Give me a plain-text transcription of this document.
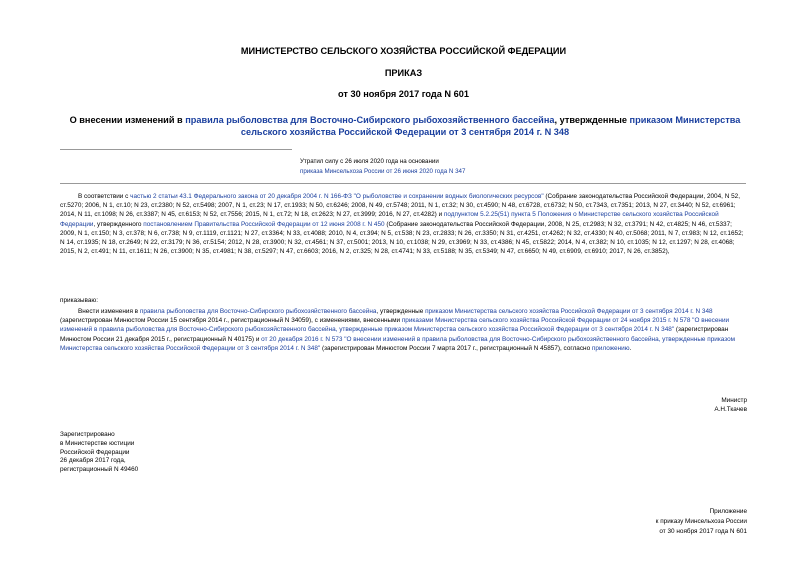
МИНИСТЕРСТВО СЕЛЬСКОГО ХОЗЯЙСТВА РОССИЙСКОЙ ФЕДЕРАЦИИ
ПРИКАЗ
от 30 ноября 2017 года N 601
О внесении изменений в правила рыболовства для Восточно-Сибирского рыбохозяйственного бассейна, утвержденные приказом Министерства сельского хозяйства Российской Федерации от 3 сентября 2014 г. N 348
Утратил силу с 26 июля 2020 года на основании
приказа Минсельхоза России от 26 июня 2020 года N 347
В соответствии с частью 2 статьи 43.1 Федерального закона от 20 декабря 2004 г. N 166-ФЗ "О рыболовстве и сохранении водных биологических ресурсов" (Собрание законодательства Российской Федерации, 2004, N 52, ст.5270; 2006, N 1, ст.10; N 23, ст.2380; N 52, ст.5498; 2007, N 1, ст.23; N 17, ст.1933; N 50, ст.6246; 2008, N 49, ст.5748; 2011, N 1, ст.32; N 30, ст.4590; N 48, ст.6728, ст.6732; N 50, ст.7343, ст.7351; 2013, N 27, ст.3440; N 52, ст.6961; 2014, N 11, ст.1098; N 26, ст.3387; N 45, ст.6153; N 52, ст.7556; 2015, N 1, ст.72; N 18, ст.2623; N 27, ст.3999; 2016, N 27, ст.4282) и подпунктом 5.2.25(51) пункта 5 Положения о Министерстве сельского хозяйства Российской Федерации, утвержденного постановлением Правительства Российской Федерации от 12 июня 2008 г. N 450 (Собрание законодательства Российской Федерации, 2008, N 25, ст.2983; N 32, ст.3791; N 42, ст.4825; N 46, ст.5337; 2009, N 1, ст.150; N 3, ст.378; N 6, ст.738; N 9, ст.1119, ст.1121; N 27, ст.3364; N 33, ст.4088; 2010, N 4, ст.394; N 5, ст.538; N 23, ст.2833; N 26, ст.3350; N 31, ст.4251, ст.4262; N 32, ст.4330; N 40, ст.5068; 2011, N 7, ст.983; N 12, ст.1652; N 14, ст.1935; N 18, ст.2649; N 22, ст.3179; N 36, ст.5154; 2012, N 28, ст.3900; N 32, ст.4561; N 37, ст.5001; 2013, N 10, ст.1038; N 29, ст.3969; N 33, ст.4386; N 45, ст.5822; 2014, N 4, ст.382; N 10, ст.1035; N 12, ст.1297; N 28, ст.4068; 2015, N 2, ст.491; N 11, ст.1611; N 26, ст.3900; N 35, ст.4981; N 38, ст.5297; N 47, ст.6603; 2016, N 2, ст.325; N 28, ст.4741; N 33, ст.5188; N 35, ст.5349; N 47, ст.6650; N 49, ст.6909, ст.6910; 2017, N 26, ст.3852),
приказываю:
Внести изменения в правила рыболовства для Восточно-Сибирского рыбохозяйственного бассейна, утвержденные приказом Министерства сельского хозяйства Российской Федерации от 3 сентября 2014 г. N 348 (зарегистрирован Минюстом России 15 сентября 2014 г., регистрационный N 34059), с изменениями, внесенными приказами Министерства сельского хозяйства Российской Федерации от 24 ноября 2015 г. N 578 "О внесении изменений в правила рыболовства для Восточно-Сибирского рыбохозяйственного бассейна, утвержденные приказом Министерства сельского хозяйства Российской Федерации от 3 сентября 2014 г. N 348" (зарегистрирован Минюстом России 21 декабря 2015 г., регистрационный N 40175) и от 20 декабря 2016 г. N 573 "О внесении изменений в правила рыболовства для Восточно-Сибирского рыбохозяйственного бассейна, утвержденные приказом Министерства сельского хозяйства Российской Федерации от 3 сентября 2014 г. N 348" (зарегистрирован Минюстом России 7 марта 2017 г., регистрационный N 45857), согласно приложению.
Министр
А.Н.Ткачев
Зарегистрировано
в Министерстве юстиции
Российской Федерации
26 декабря 2017 года,
регистрационный N 49460
Приложение
к приказу Минсельхоза России
от 30 ноября 2017 года N 601
